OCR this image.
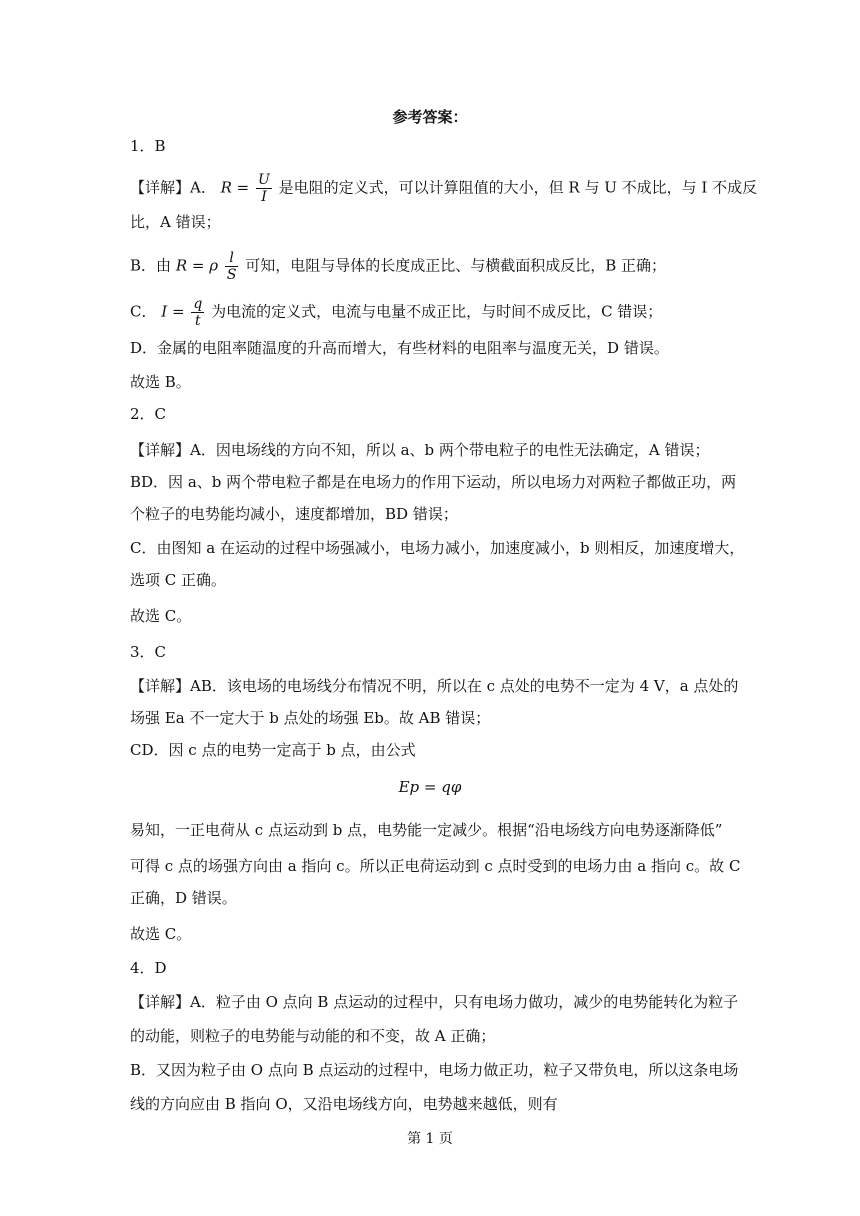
参考答案：
1．B
【详解】A． $R = \frac{U}{I}$ 是电阻的定义式，可以计算阻值的大小，但 R 与 U 不成比，与 I 不成反
比，A 错误；
B．由 R = ρ $\frac{l}{S}$ 可知，电阻与导体的长度成正比、与横截面积成反比，B 正确；
C． $I = \frac{q}{t}$ 为电流的定义式，电流与电量不成正比，与时间不成反比，C 错误；
D．金属的电阻率随温度的升高而增大，有些材料的电阻率与温度无关，D 错误。
故选 B。
2．C
【详解】A．因电场线的方向不知，所以 a、b 两个带电粒子的电性无法确定，A 错误；
BD．因 a、b 两个带电粒子都是在电场力的作用下运动，所以电场力对两粒子都做正功，两
个粒子的电势能均减小，速度都增加，BD 错误；
C．由图知 a 在运动的过程中场强减小，电场力减小，加速度减小，b 则相反，加速度增大，
选项 C 正确。
故选 C。
3．C
【详解】AB．该电场的电场线分布情况不明，所以在 c 点处的电势不一定为 4 V，a 点处的
场强 Ea 不一定大于 b 点处的场强 Eb。故 AB 错误；
CD．因 c 点的电势一定高于 b 点，由公式
Ep = qφ
易知，一正电荷从 c 点运动到 b 点，电势能一定减少。根据“沿电场线方向电势逐渐降低”
可得 c 点的场强方向由 a 指向 c。所以正电荷运动到 c 点时受到的电场力由 a 指向 c。故 C
正确，D 错误。
故选 C。
4．D
【详解】A．粒子由 O 点向 B 点运动的过程中，只有电场力做功，减少的电势能转化为粒子
的动能，则粒子的电势能与动能的和不变，故 A 正确；
B．又因为粒子由 O 点向 B 点运动的过程中，电场力做正功，粒子又带负电，所以这条电场
线的方向应由 B 指向 O，又沿电场线方向，电势越来越低，则有
第 1 页
